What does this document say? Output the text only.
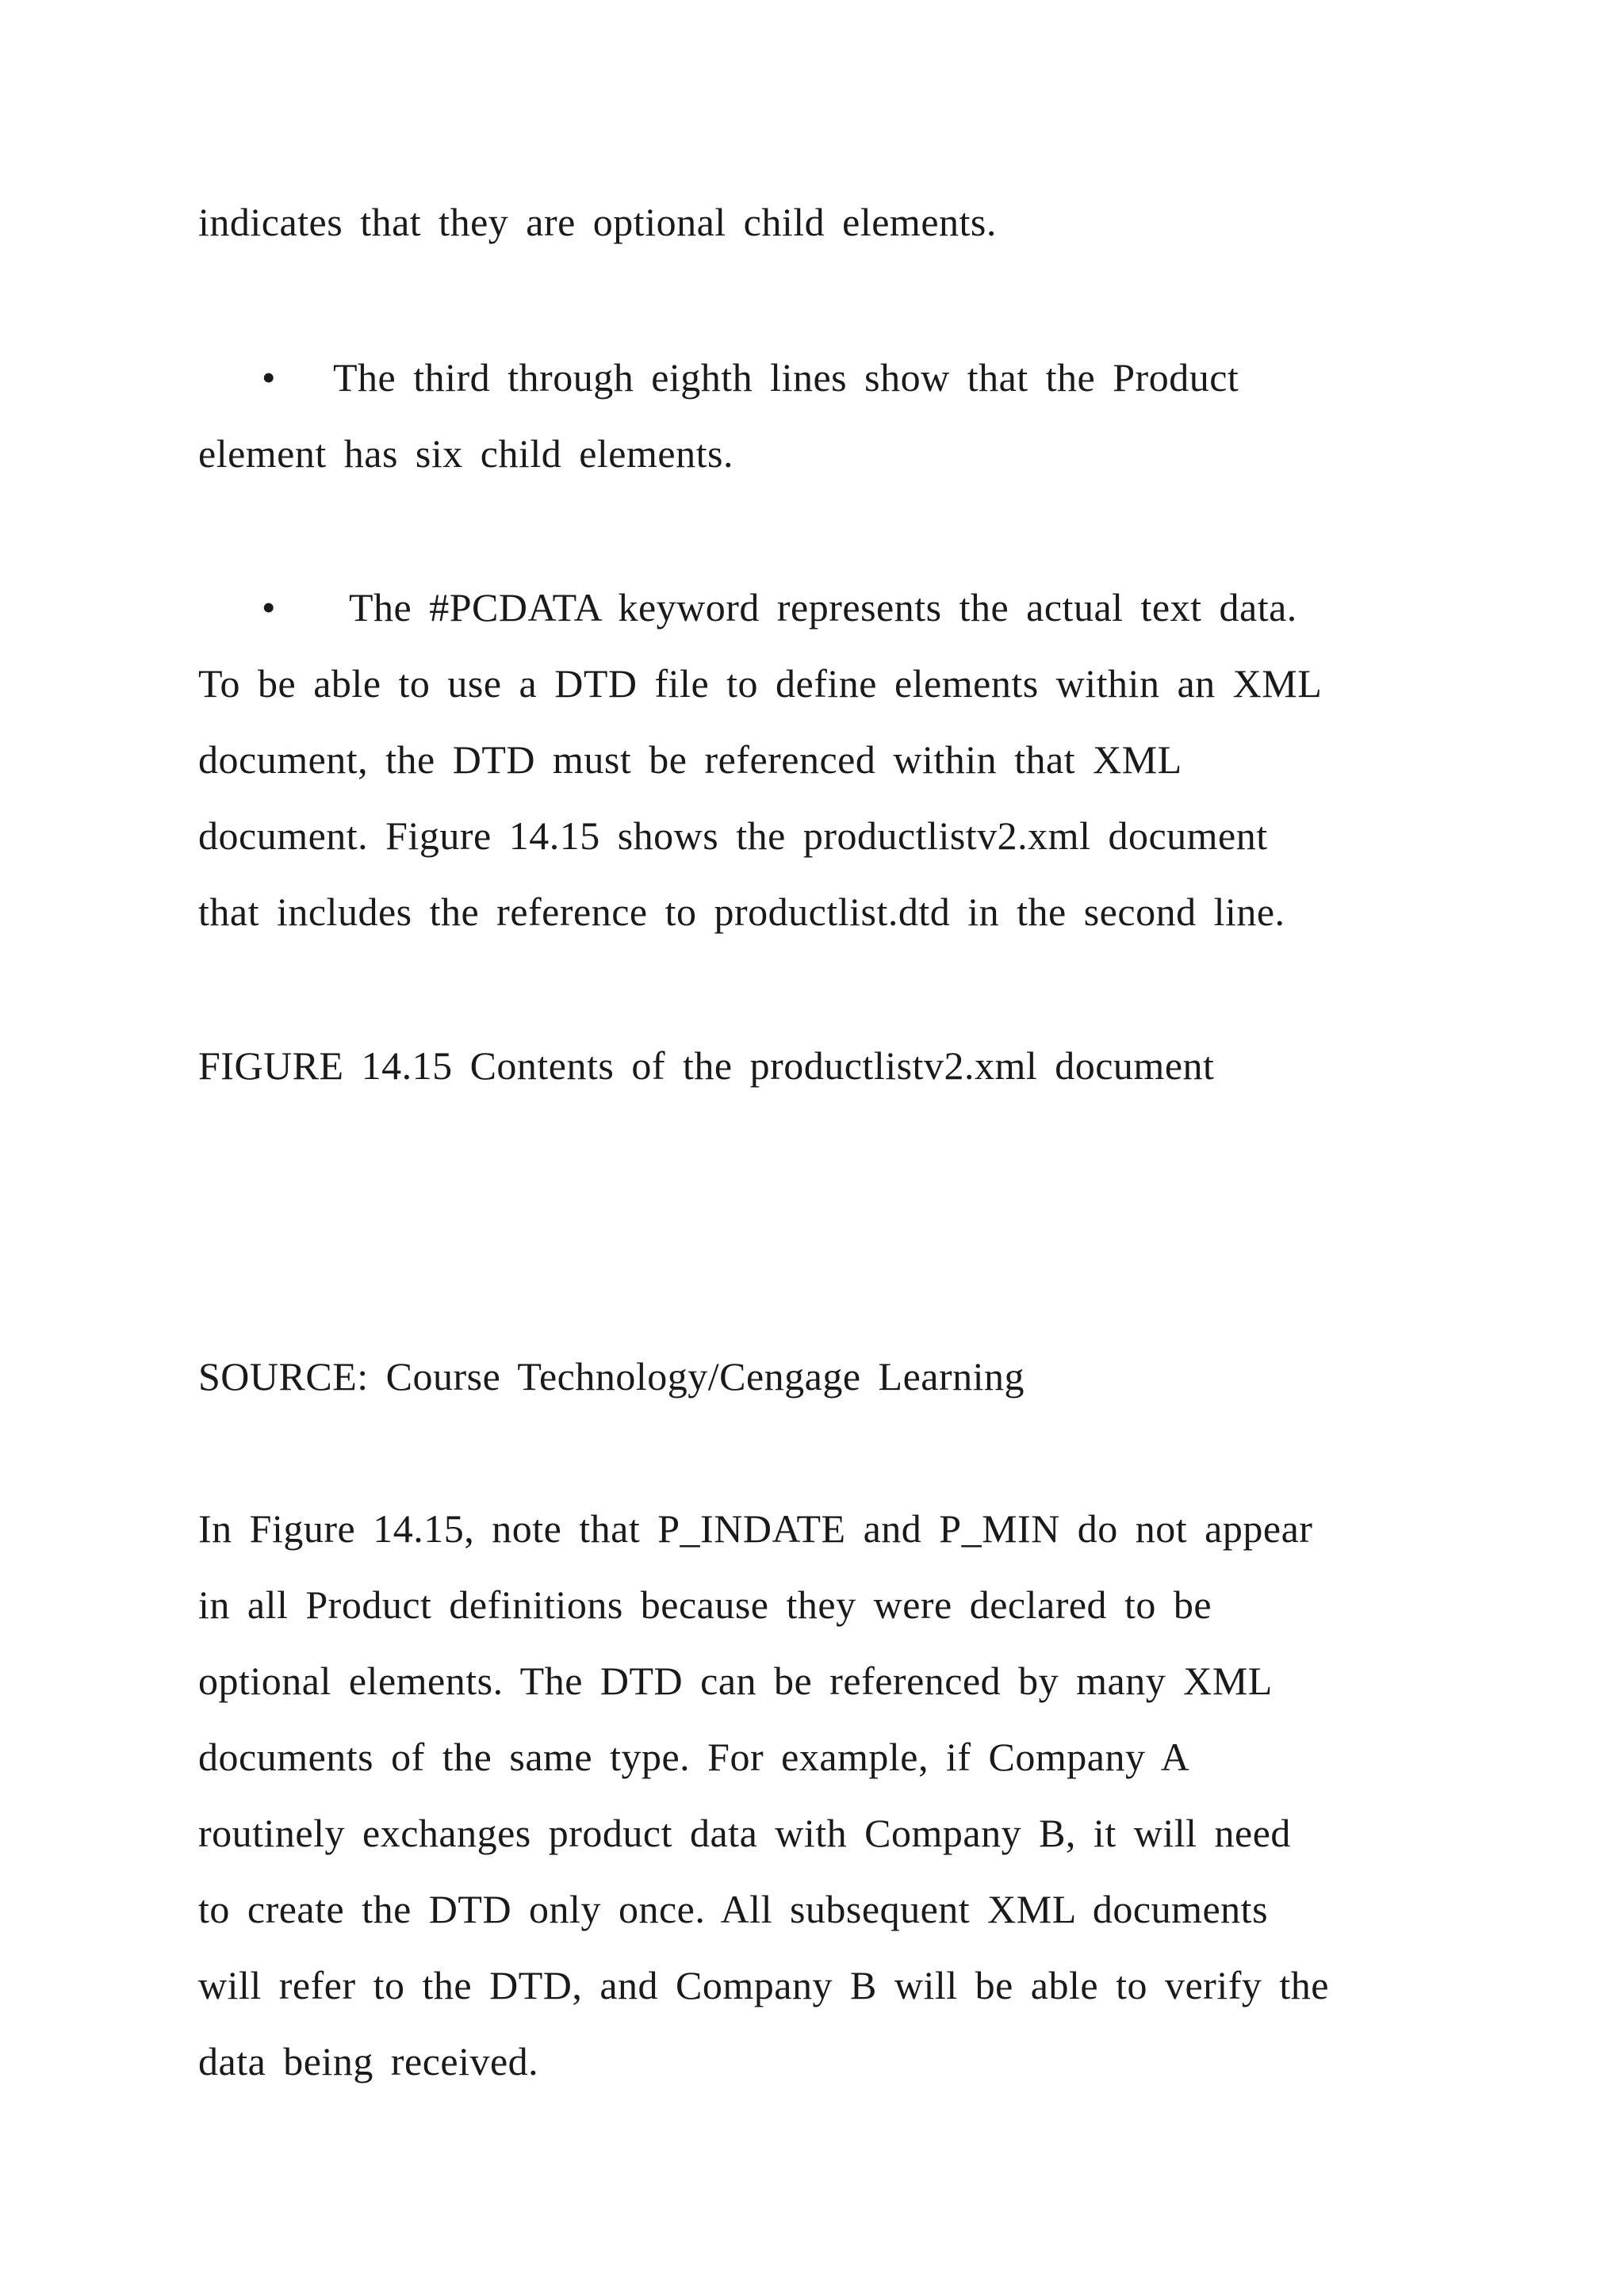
indicates that they are optional child elements.

• The third through eighth lines show that the Product

element has six child elements.

• The #PCDATA keyword represents the actual text data.

To be able to use a DTD file to define elements within an XML

document, the DTD must be referenced within that XML

document. Figure 14.15 shows the productlistv2.xml document

that includes the reference to productlist.dtd in the second line.

FIGURE 14.15 Contents of the productlistv2.xml document

SOURCE: Course Technology/Cengage Learning

In Figure 14.15, note that P_INDATE and P_MIN do not appear

in all Product definitions because they were declared to be

optional elements. The DTD can be referenced by many XML

documents of the same type. For example, if Company A

routinely exchanges product data with Company B, it will need

to create the DTD only once. All subsequent XML documents

will refer to the DTD, and Company B will be able to verify the

data being received.
